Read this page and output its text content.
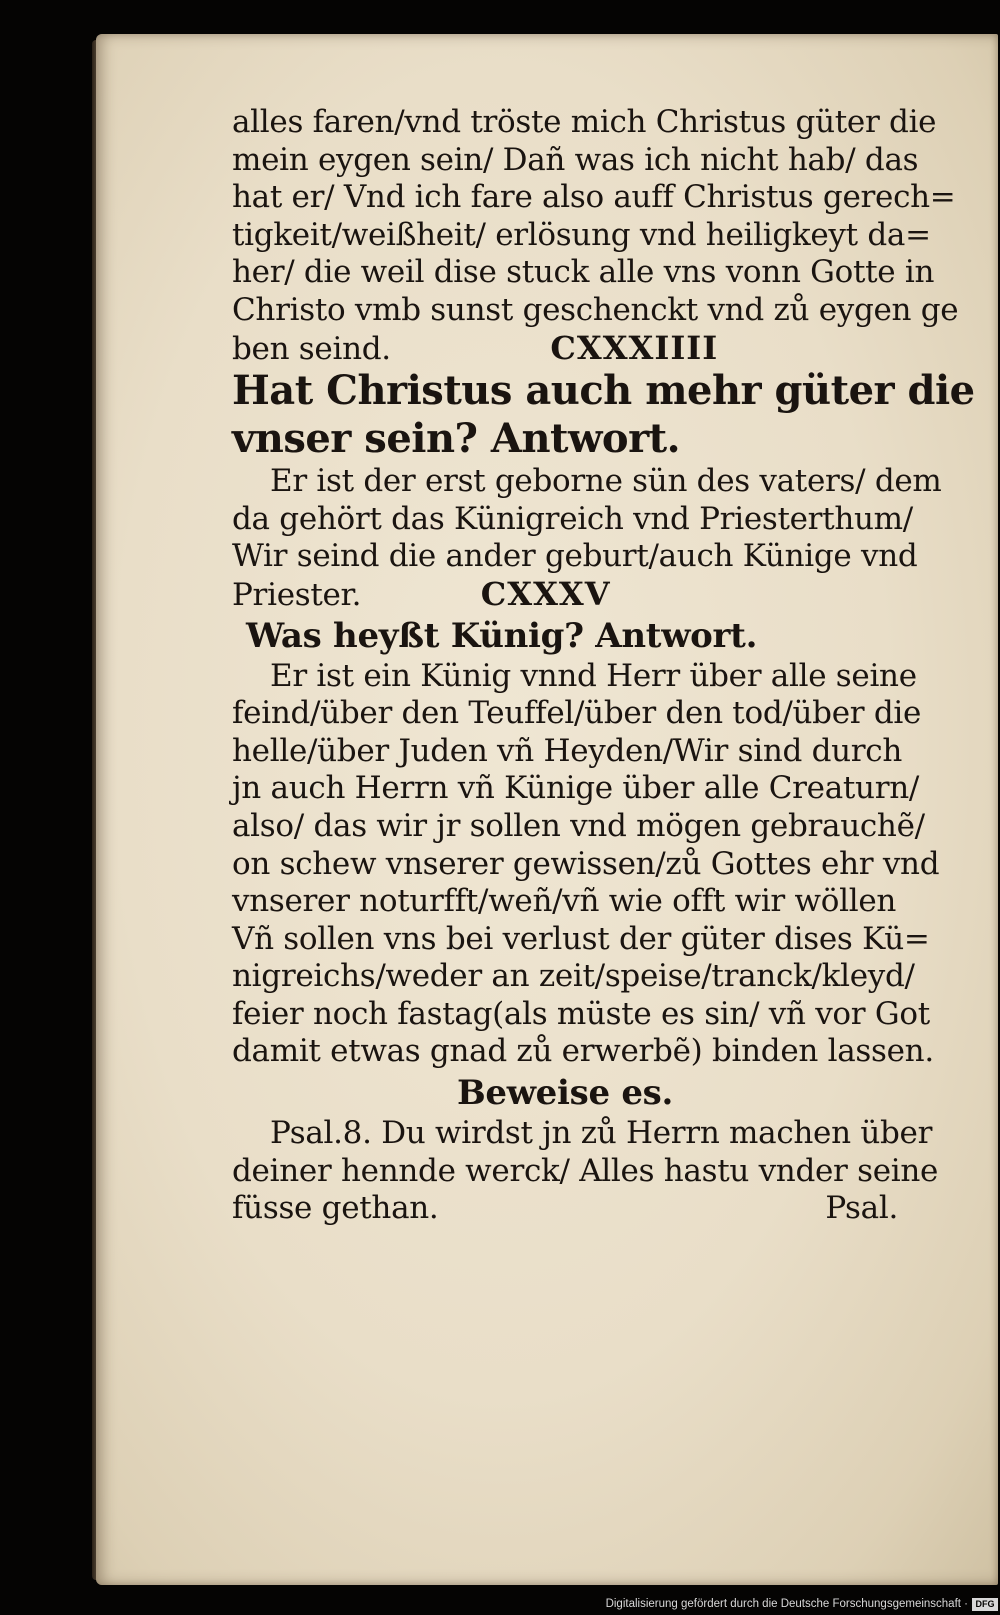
alles faren/vnd tröste mich Christus güter die
mein eygen sein/ Dañ was ich nicht hab/ das
hat er/ Vnd ich fare also auff Christus gerech=
tigkeit/weißheit/ erlösung vnd heiligkeyt da=
her/ die weil dise stuck alle vns vonn Gotte in
Christo vmb sunst geschenckt vnd zů eygen ge
ben seind.	CXXXIIII
Hat Christus auch mehr güter die
vnser sein? Antwort.
Er ist der erst geborne sün des vaters/ dem
da gehört das Künigreich vnd Priesterthum/
Wir seind die ander geburt/auch Künige vnd
Priester.	CXXXV
Was heyßt Künig? Antwort.
Er ist ein Künig vnnd Herr über alle seine
feind/über den Teuffel/über den tod/über die
helle/über Juden vñ Heyden/Wir sind durch
jn auch Herrn vñ Künige über alle Creaturn/
also/ das wir jr sollen vnd mögen gebrauchẽ/
on schew vnserer gewissen/zů Gottes ehr vnd
vnserer noturfft/weñ/vñ wie offt wir wöllen
Vñ sollen vns bei verlust der güter dises Kü=
nigreichs/weder an zeit/speise/tranck/kleyd/
feier noch fastag(als müste es sin/ vñ vor Got
damit etwas gnad zů erwerbẽ) binden lassen.
Beweise es.
Psal.8. Du wirdst jn zů Herrn machen über
deiner hennde werck/ Alles hastu vnder seine
füsse gethan.	Psal.
Digitalisierung gefördert durch die Deutsche Forschungsgemeinschaft · DFG
